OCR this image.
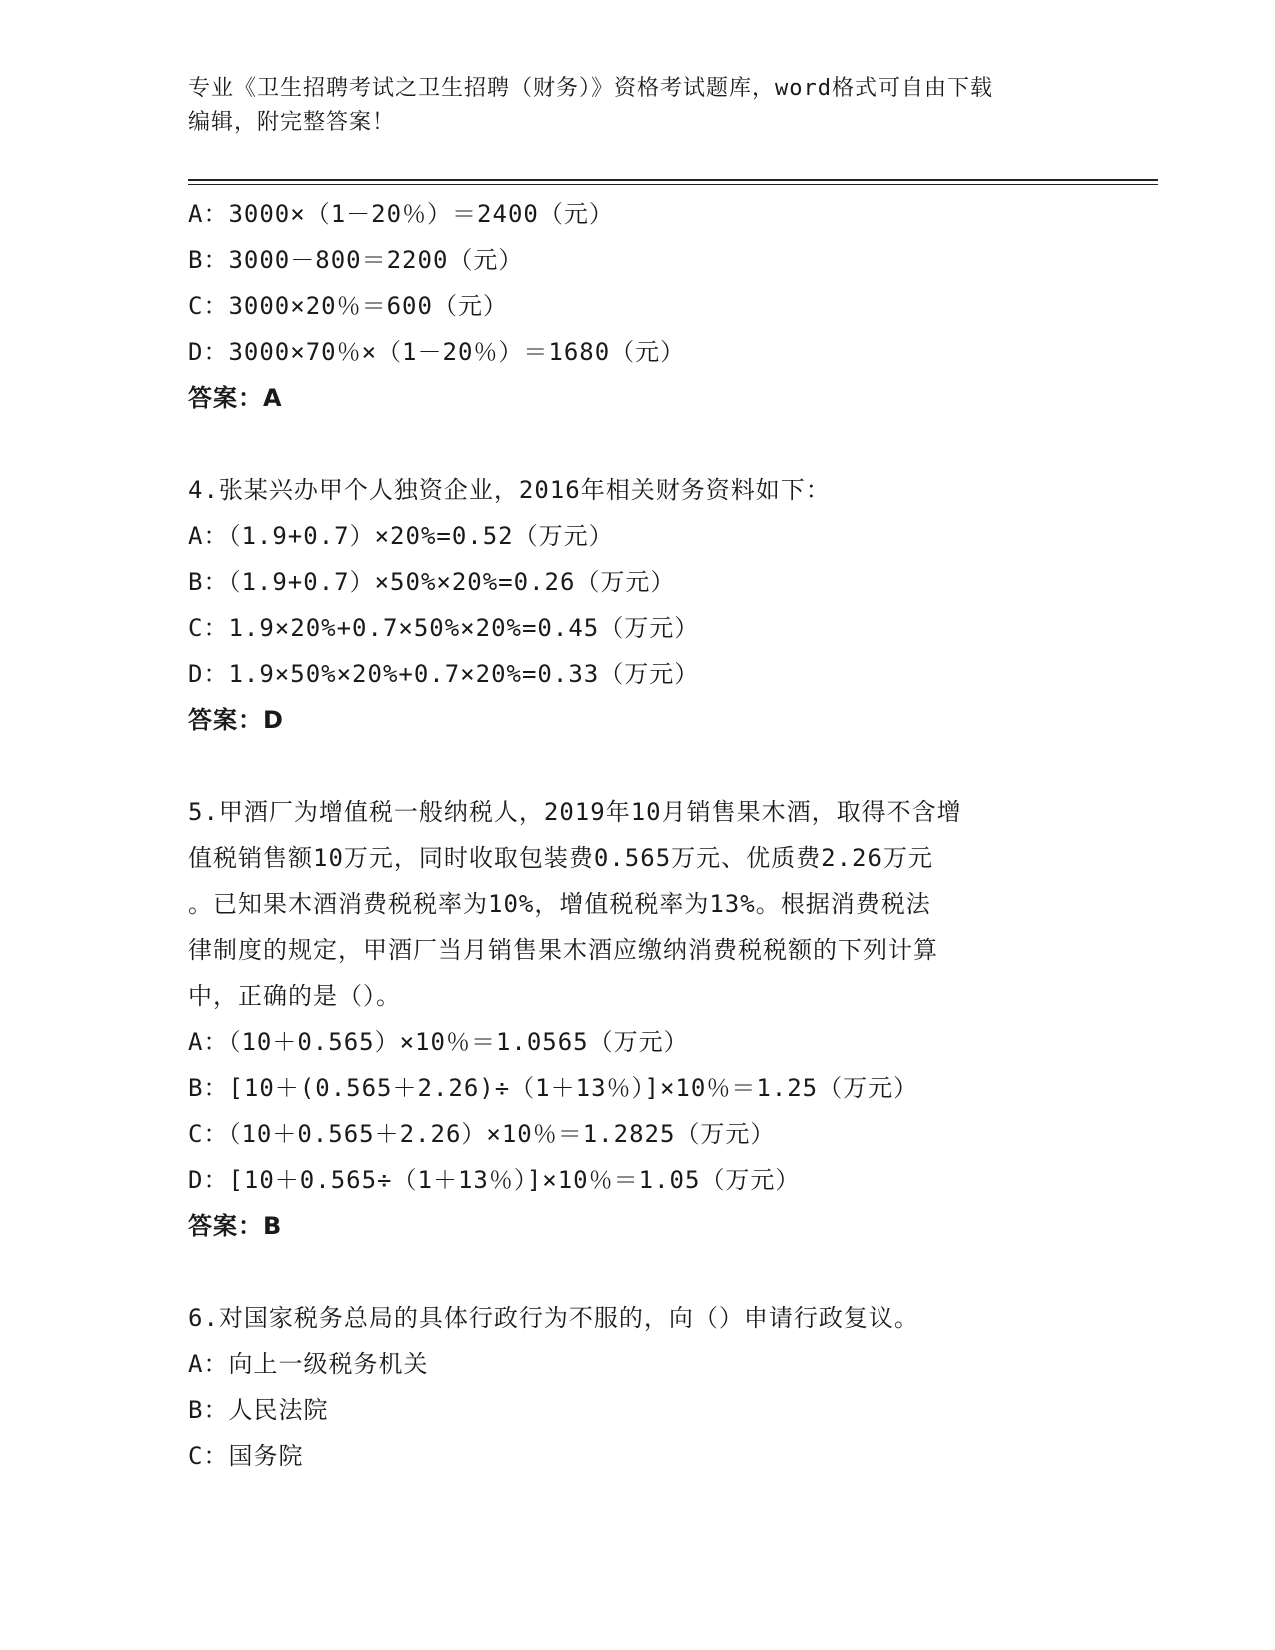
专业《卫生招聘考试之卫生招聘（财务）》资格考试题库，word格式可自由下载
编辑，附完整答案！
A：3000×（1－20％）＝2400（元）
B：3000－800＝2200（元）
C：3000×20％＝600（元）
D：3000×70％×（1－20％）＝1680（元）
答案：A
4.张某兴办甲个人独资企业，2016年相关财务资料如下：
A：（1.9+0.7）×20%=0.52（万元）
B：（1.9+0.7）×50%×20%=0.26（万元）
C：1.9×20%+0.7×50%×20%=0.45（万元）
D：1.9×50%×20%+0.7×20%=0.33（万元）
答案：D
5.甲酒厂为增值税一般纳税人，2019年10月销售果木酒，取得不含增
值税销售额10万元，同时收取包装费0.565万元、优质费2.26万元
。已知果木酒消费税税率为10%，增值税税率为13%。根据消费税法
律制度的规定，甲酒厂当月销售果木酒应缴纳消费税税额的下列计算
中，正确的是（）。
A：（10＋0.565）×10％＝1.0565（万元）
B：[10＋(0.565＋2.26)÷（1＋13％）]×10％＝1.25（万元）
C：（10＋0.565＋2.26）×10％＝1.2825（万元）
D：[10＋0.565÷（1＋13％）]×10％＝1.05（万元）
答案：B
6.对国家税务总局的具体行政行为不服的，向（）申请行政复议。
A：向上一级税务机关
B：人民法院
C：国务院
